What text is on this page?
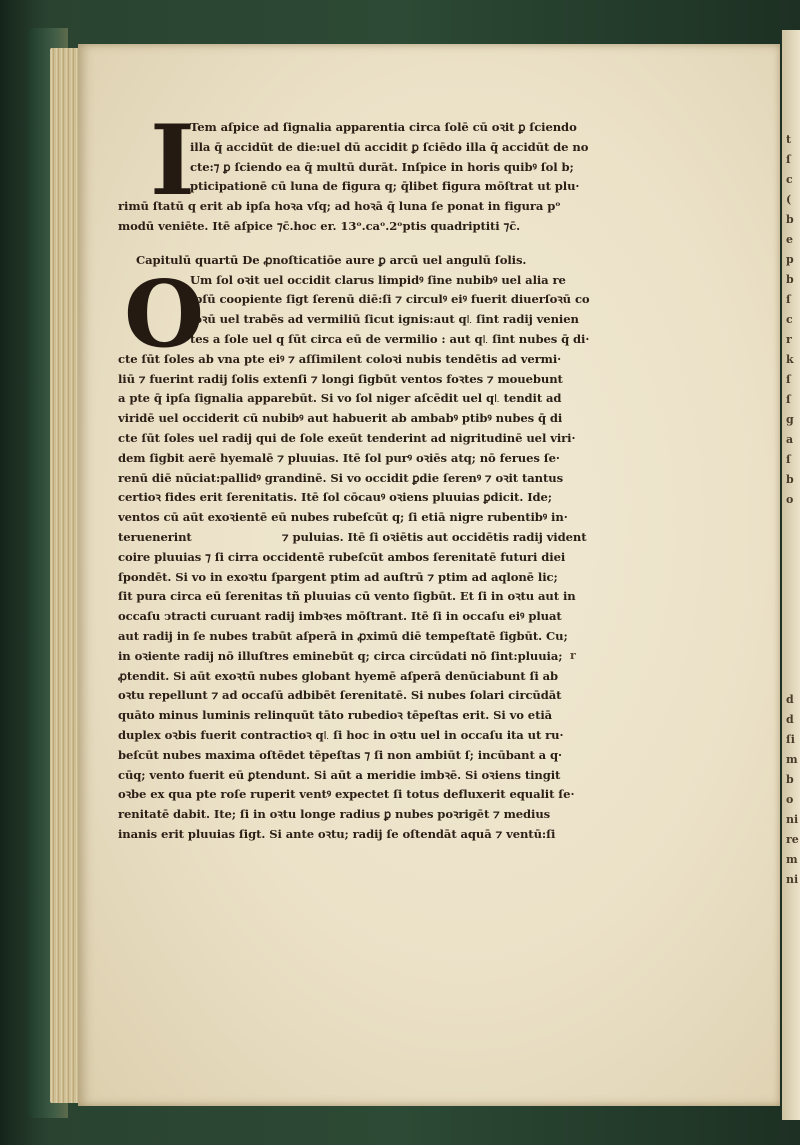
t
ſ
c
(
b
e
p
b
ſ
c
r
k
ſ
ſ
g
a
ſ
b
o
d
d
ſi
m
b
o
ni
re
m
ni
I
Tem aſpice ad ſignalia apparentia circa ſolē cū oꝛit ꝑ ſciendo
illa q̄ accidūt de die:uel dū accidit ꝑ ſciēdo illa q̄ accidūt de no
cte:⁊ ꝑ ſciendo ea q̄ multū durāt. Inſpice in horis quibꝰ ſol b;
pticipationē cū luna de figura q; q̄libet figura mōſtrat ut plu·
rimū ſtatū q erit ab ipſa hoꝛa vſq; ad hoꝛā q̄ luna ſe ponat in figura pᵒ
modū veniēte. Itē aſpice ⁊c̄.hoc er. 13ᵒ.caᵒ.2ᵒptis quadriptiti ⁊c̄.
Capitulū quartū De ꝓnoſticatiōe aure ꝑ arcū uel angulū ſolis.
O
Um ſol oꝛit uel occidit clarus limpidꝰ ſine nubibꝰ uel alia re
ipſū coopiente ſigt ſerenū diē:ſi ⁊ circulꝰ eiꝰ fuerit diuerſoꝛū co
loꝛū uel trabēs ad vermiliū ſicut ignis:aut q꜑ ſint radij venien
tes a ſole uel q ſūt circa eū de vermilio : aut q꜑ ſint nubes q̄ di·
cte ſūt ſoles ab vna pte eiꝰ ⁊ aſſimilent coloꝛi nubis tendētis ad vermi·
liū ⁊ fuerint radij ſolis extenſi ⁊ longi ſigbūt ventos foꝛtes ⁊ mouebunt
a pte q̄ ipſa ſignalia apparebūt. Si vo ſol niger aſcēdit uel q꜑ tendit ad
viridē uel occiderit cū nubibꝰ aut habuerit ab ambabꝰ ptibꝰ nubes q̄ di
cte ſūt ſoles uel radij qui de ſole exeūt tenderint ad nigritudinē uel viri·
dem ſigbit aerē hyemalē ⁊ pluuias. Itē ſol purꝰ oꝛiēs atq; nō ferues ſe·
renū diē nūciat:pallidꝰ grandinē. Si vo occidit ꝑdie ſerenꝰ ⁊ oꝛit tantus
certioꝛ fides erit ſerenitatis. Itē ſol cōcauꝰ oꝛiens pluuias ꝑdicit. Ide;
ventos cū aūt exoꝛientē eū nubes rubeſcūt q; ſi etiā nigre rubentibꝰ in·
teruenerint	⁊ puluias. Itē ſi oꝛiētis aut occidētis radij vident
coire pluuias ⁊ ſi cirra occidentē rubeſcūt ambos ſerenitatē futuri diei
ſpondēt. Si vo in exoꝛtu ſpargent ptim ad auſtrū ⁊ ptim ad aqlonē lic;
ſit pura circa eū ſerenitas tñ pluuias cū vento ſigbūt. Et ſi in oꝛtu aut in
occaſu ↄtracti curuant radij imbꝛes mōſtrant. Itē ſi in occaſu eiꝰ pluat
aut radij in ſe nubes trabūt aſperā in ꝓximū diē tempeſtatē ſigbūt. Cu;
in oꝛiente radij nō illuſtres eminebūt q; circa circūdati nō ſint:pluuia;
ꝓtendit. Si aūt exoꝛtū nubes globant hyemē aſperā denūciabunt ſi ab
oꝛtu repellunt ⁊ ad occaſū adbibēt ſerenitatē. Si nubes ſolari circūdāt
quāto minus luminis relinquūt tāto rubedioꝛ tēpeſtas erit. Si vo etiā
duplex oꝛbis fuerit contractioꝛ q꜑ ſi hoc in oꝛtu uel in occaſu ita ut ru·
beſcūt nubes maxima oſtēdet tēpeſtas ⁊ ſi non ambiūt ſ; incūbant a q·
cūq; vento fuerit eū ꝑtendunt. Si aūt a meridie imbꝛē. Si oꝛiens tingit
oꝛbe ex qua pte roſe ruperit ventꝰ expectet ſi totus defluxerit equalit ſe·
renitatē dabit. Ite; ſi in oꝛtu longe radius ꝑ nubes poꝛrigēt ⁊ medius
inanis erit pluuias ſigt. Si ante oꝛtu; radij ſe oſtendāt aquā ⁊ ventū:ſi
r
